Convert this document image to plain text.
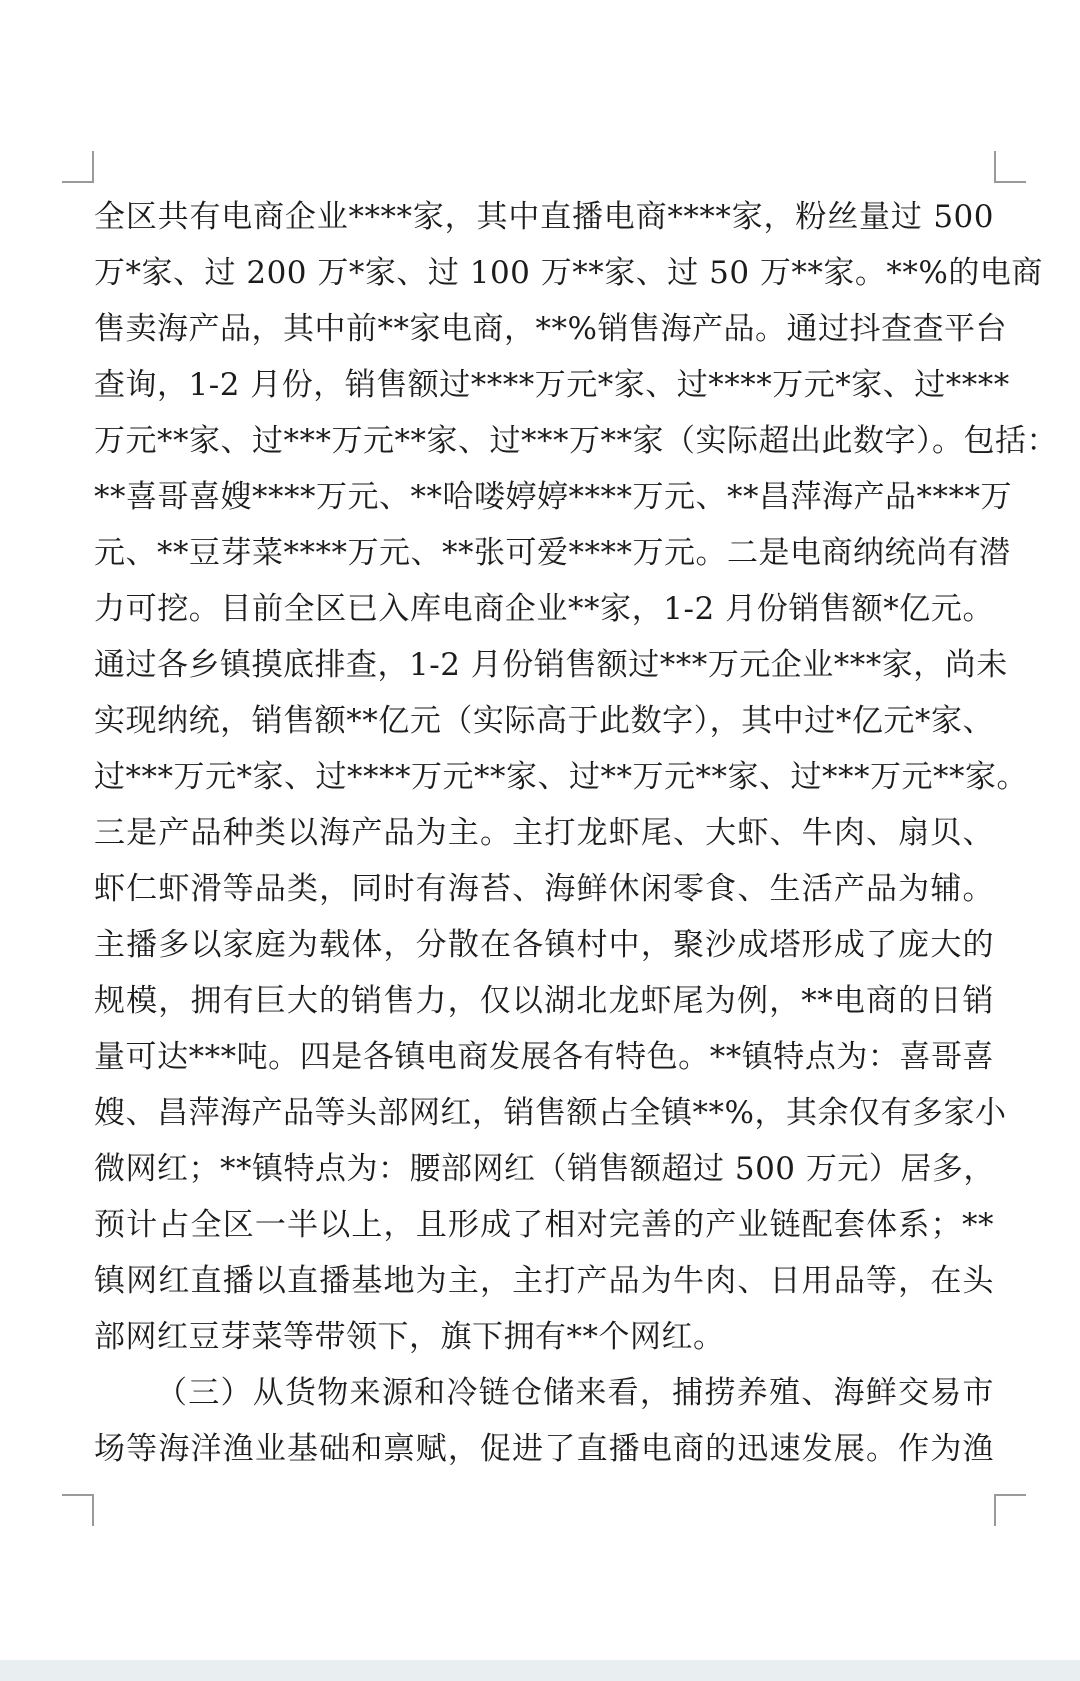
全区共有电商企业****家，其中直播电商****家，粉丝量过 500
万*家、过 200 万*家、过 100 万**家、过 50 万**家。**%的电商
售卖海产品，其中前**家电商，**%销售海产品。通过抖查查平台
查询，1-2 月份，销售额过****万元*家、过****万元*家、过****
万元**家、过***万元**家、过***万**家（实际超出此数字）。包括：
**喜哥喜嫂****万元、**哈喽婷婷****万元、**昌萍海产品****万
元、**豆芽菜****万元、**张可爱****万元。二是电商纳统尚有潜
力可挖。目前全区已入库电商企业**家，1-2 月份销售额*亿元。
通过各乡镇摸底排查，1-2 月份销售额过***万元企业***家，尚未
实现纳统，销售额**亿元（实际高于此数字），其中过*亿元*家、
过***万元*家、过****万元**家、过**万元**家、过***万元**家。
三是产品种类以海产品为主。主打龙虾尾、大虾、牛肉、扇贝、
虾仁虾滑等品类，同时有海苔、海鲜休闲零食、生活产品为辅。
主播多以家庭为载体，分散在各镇村中，聚沙成塔形成了庞大的
规模，拥有巨大的销售力，仅以湖北龙虾尾为例，**电商的日销
量可达***吨。四是各镇电商发展各有特色。**镇特点为：喜哥喜
嫂、昌萍海产品等头部网红，销售额占全镇**%，其余仅有多家小
微网红；**镇特点为：腰部网红（销售额超过 500 万元）居多，
预计占全区一半以上，且形成了相对完善的产业链配套体系；**
镇网红直播以直播基地为主，主打产品为牛肉、日用品等，在头
部网红豆芽菜等带领下，旗下拥有**个网红。
（三）从货物来源和冷链仓储来看，捕捞养殖、海鲜交易市
场等海洋渔业基础和禀赋，促进了直播电商的迅速发展。作为渔
